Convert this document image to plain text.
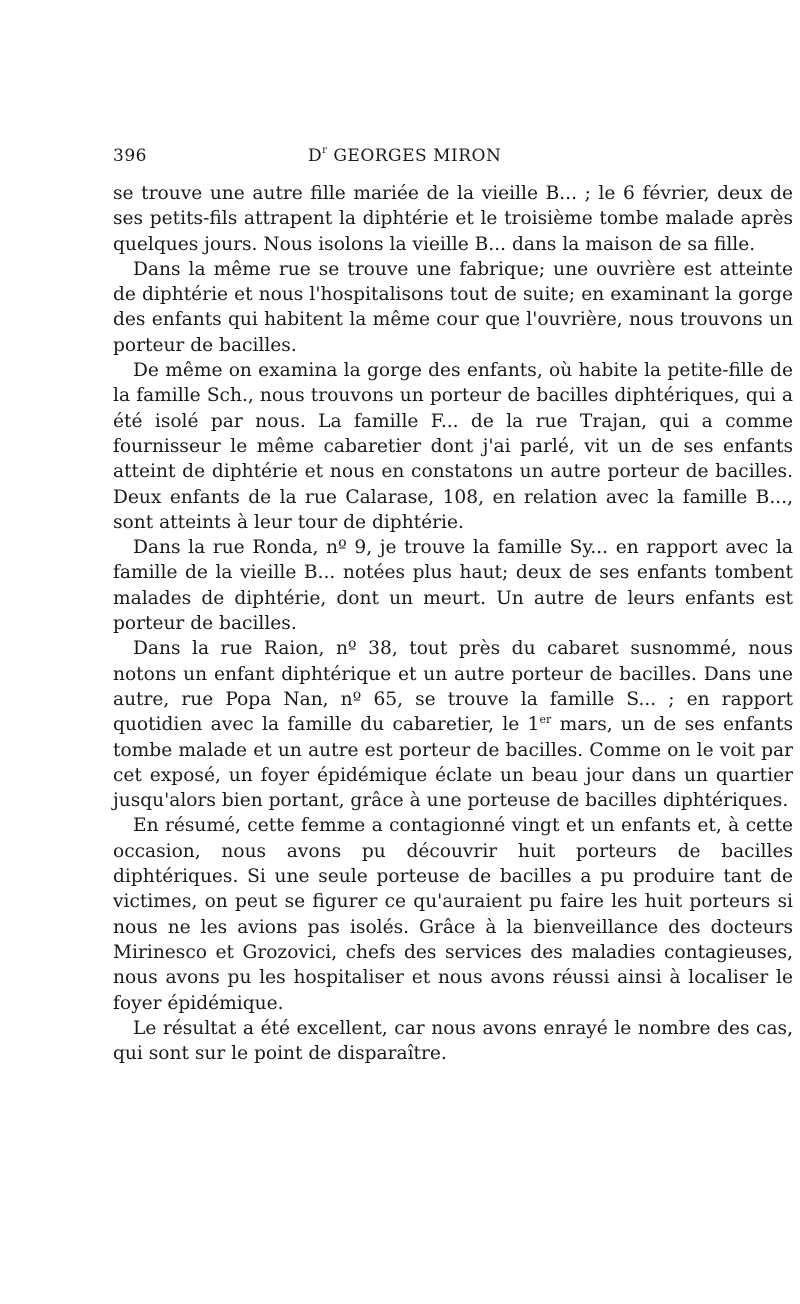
396	$D^r$ GEORGES MIRON

se trouve une autre fille mariée de la vieille B... ; le 6 février, deux de ses petits-fils attrapent la diphtérie et le troisième tombe malade après quelques jours. Nous isolons la vieille B... dans la maison de sa fille.

Dans la même rue se trouve une fabrique; une ouvrière est atteinte de diphtérie et nous l'hospitalisons tout de suite; en examinant la gorge des enfants qui habitent la même cour que l'ouvrière, nous trouvons un porteur de bacilles.

De même on examina la gorge des enfants, où habite la petite-fille de la famille Sch., nous trouvons un porteur de bacilles diphtériques, qui a été isolé par nous. La famille F... de la rue Trajan, qui a comme fournisseur le même cabaretier dont j'ai parlé, vit un de ses enfants atteint de diphtérie et nous en constatons un autre porteur de bacilles. Deux enfants de la rue Calarase, 108, en relation avec la famille B..., sont atteints à leur tour de diphtérie.

Dans la rue Ronda, nº 9, je trouve la famille Sy... en rapport avec la famille de la vieille B... notées plus haut; deux de ses enfants tombent malades de diphtérie, dont un meurt. Un autre de leurs enfants est porteur de bacilles.

Dans la rue Raion, nº 38, tout près du cabaret susnommé, nous notons un enfant diphtérique et un autre porteur de bacilles. Dans une autre, rue Popa Nan, nº 65, se trouve la famille S... ; en rapport quotidien avec la famille du cabaretier, le 1er mars, un de ses enfants tombe malade et un autre est porteur de bacilles. Comme on le voit par cet exposé, un foyer épidémique éclate un beau jour dans un quartier jusqu'alors bien portant, grâce à une porteuse de bacilles diphtériques.

En résumé, cette femme a contagionné vingt et un enfants et, à cette occasion, nous avons pu découvrir huit porteurs de bacilles diphtériques. Si une seule porteuse de bacilles a pu produire tant de victimes, on peut se figurer ce qu'auraient pu faire les huit porteurs si nous ne les avions pas isolés. Grâce à la bienveillance des docteurs Mirinesco et Grozovici, chefs des services des maladies contagieuses, nous avons pu les hospitaliser et nous avons réussi ainsi à localiser le foyer épidémique.

Le résultat a été excellent, car nous avons enrayé le nombre des cas, qui sont sur le point de disparaître.
